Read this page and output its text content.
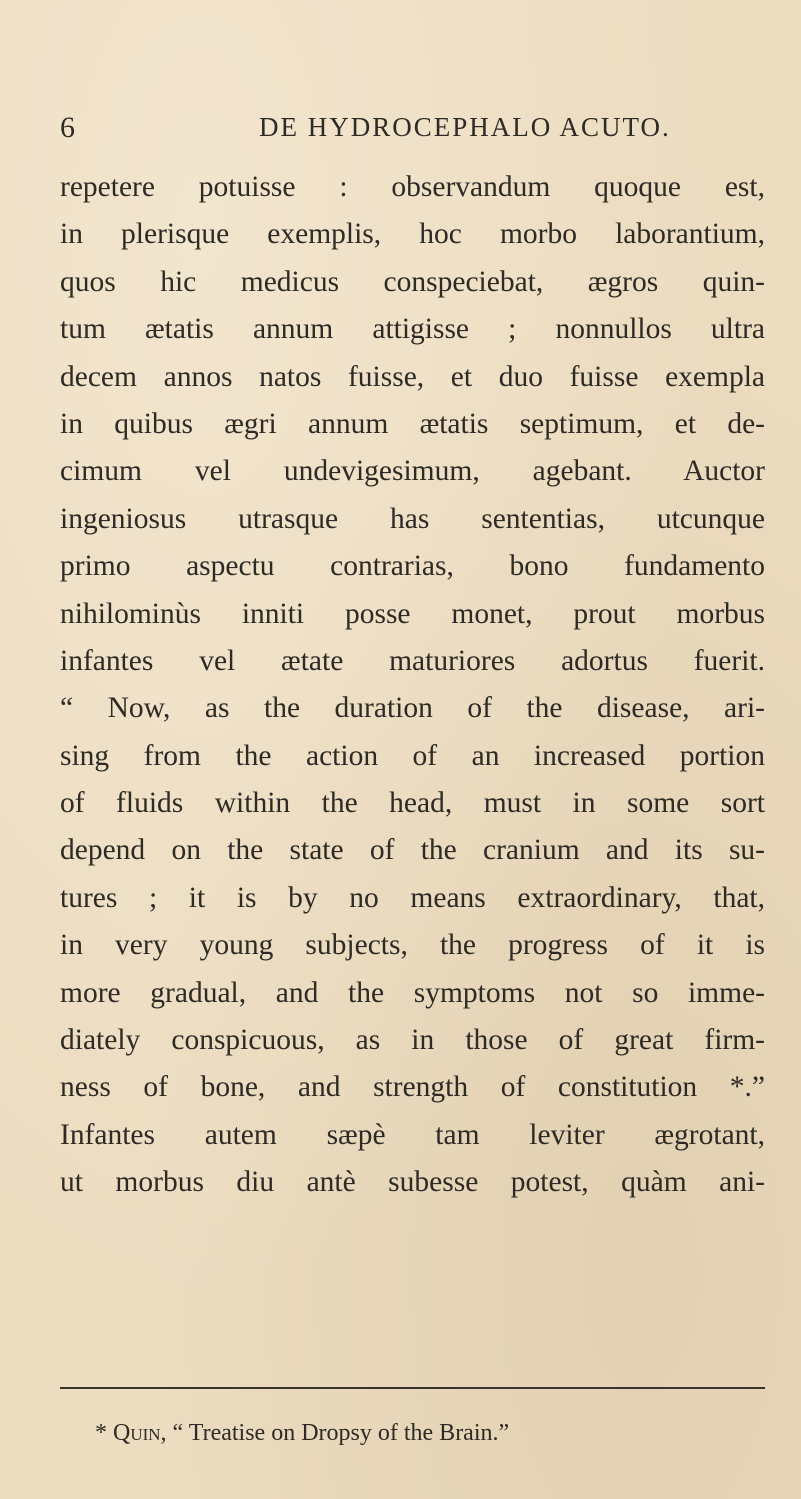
6	DE HYDROCEPHALO ACUTO.
repetere potuisse : observandum quoque est,
in plerisque exemplis, hoc morbo laborantium,
quos hic medicus conspeciebat, ægros quin-
tum ætatis annum attigisse ; nonnullos ultra
decem annos natos fuisse, et duo fuisse exempla
in quibus ægri annum ætatis septimum, et de-
cimum vel undevigesimum, agebant. Auctor
ingeniosus utrasque has sententias, utcunque
primo aspectu contrarias, bono fundamento
nihilominùs inniti posse monet, prout morbus
infantes vel ætate maturiores adortus fuerit.
“ Now, as the duration of the disease, ari-
sing from the action of an increased portion
of fluids within the head, must in some sort
depend on the state of the cranium and its su-
tures ; it is by no means extraordinary, that,
in very young subjects, the progress of it is
more gradual, and the symptoms not so imme-
diately conspicuous, as in those of great firm-
ness of bone, and strength of constitution *.”
Infantes autem sæpè tam leviter ægrotant,
ut morbus diu antè subesse potest, quàm ani-
* Quin, “ Treatise on Dropsy of the Brain.”
